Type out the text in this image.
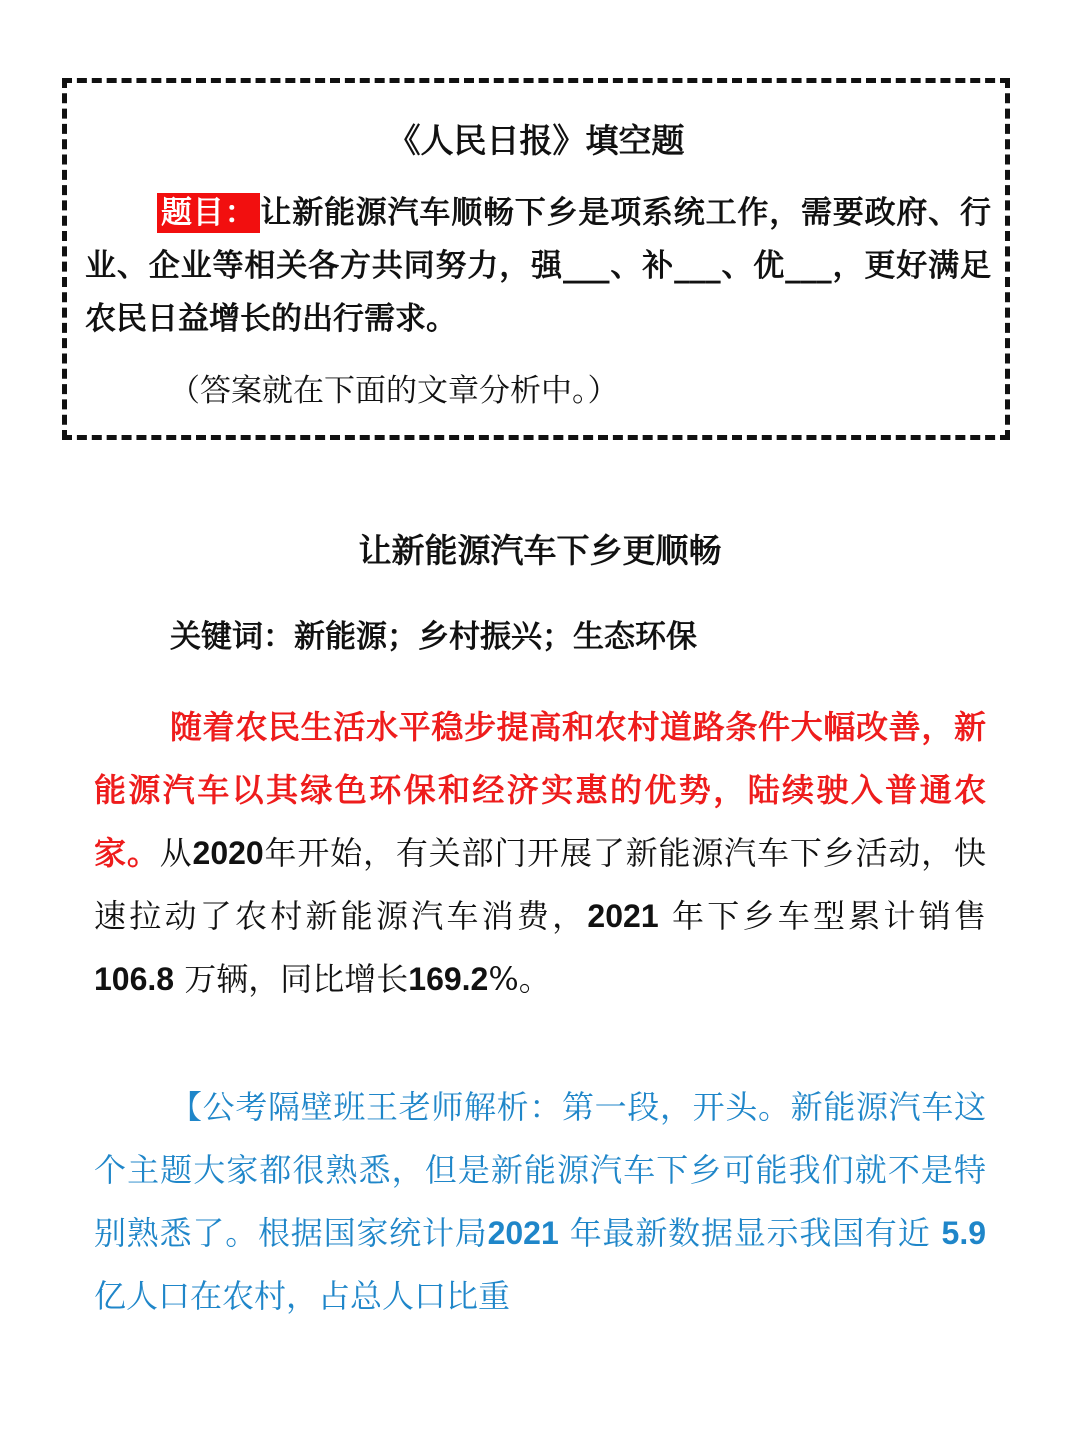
《人民日报》填空题
题目： 让新能源汽车顺畅下乡是项系统工作，需要政府、行业、企业等相关各方共同努力，强___、补___、优___，更好满足农民日益增长的出行需求。
（答案就在下面的文章分析中。）
让新能源汽车下乡更顺畅
关键词：新能源；乡村振兴；生态环保

随着农民生活水平稳步提高和农村道路条件大幅改善，新能源汽车以其绿色环保和经济实惠的优势，陆续驶入普通农家。从2020年开始，有关部门开展了新能源汽车下乡活动，快速拉动了农村新能源汽车消费，2021 年下乡车型累计销售 106.8 万辆，同比增长169.2%。

【公考隔壁班王老师解析：第一段，开头。新能源汽车这个主题大家都很熟悉，但是新能源汽车下乡可能我们就不是特别熟悉了。根据国家统计局2021 年最新数据显示我国有近 5.9 亿人口在农村，占总人口比重
